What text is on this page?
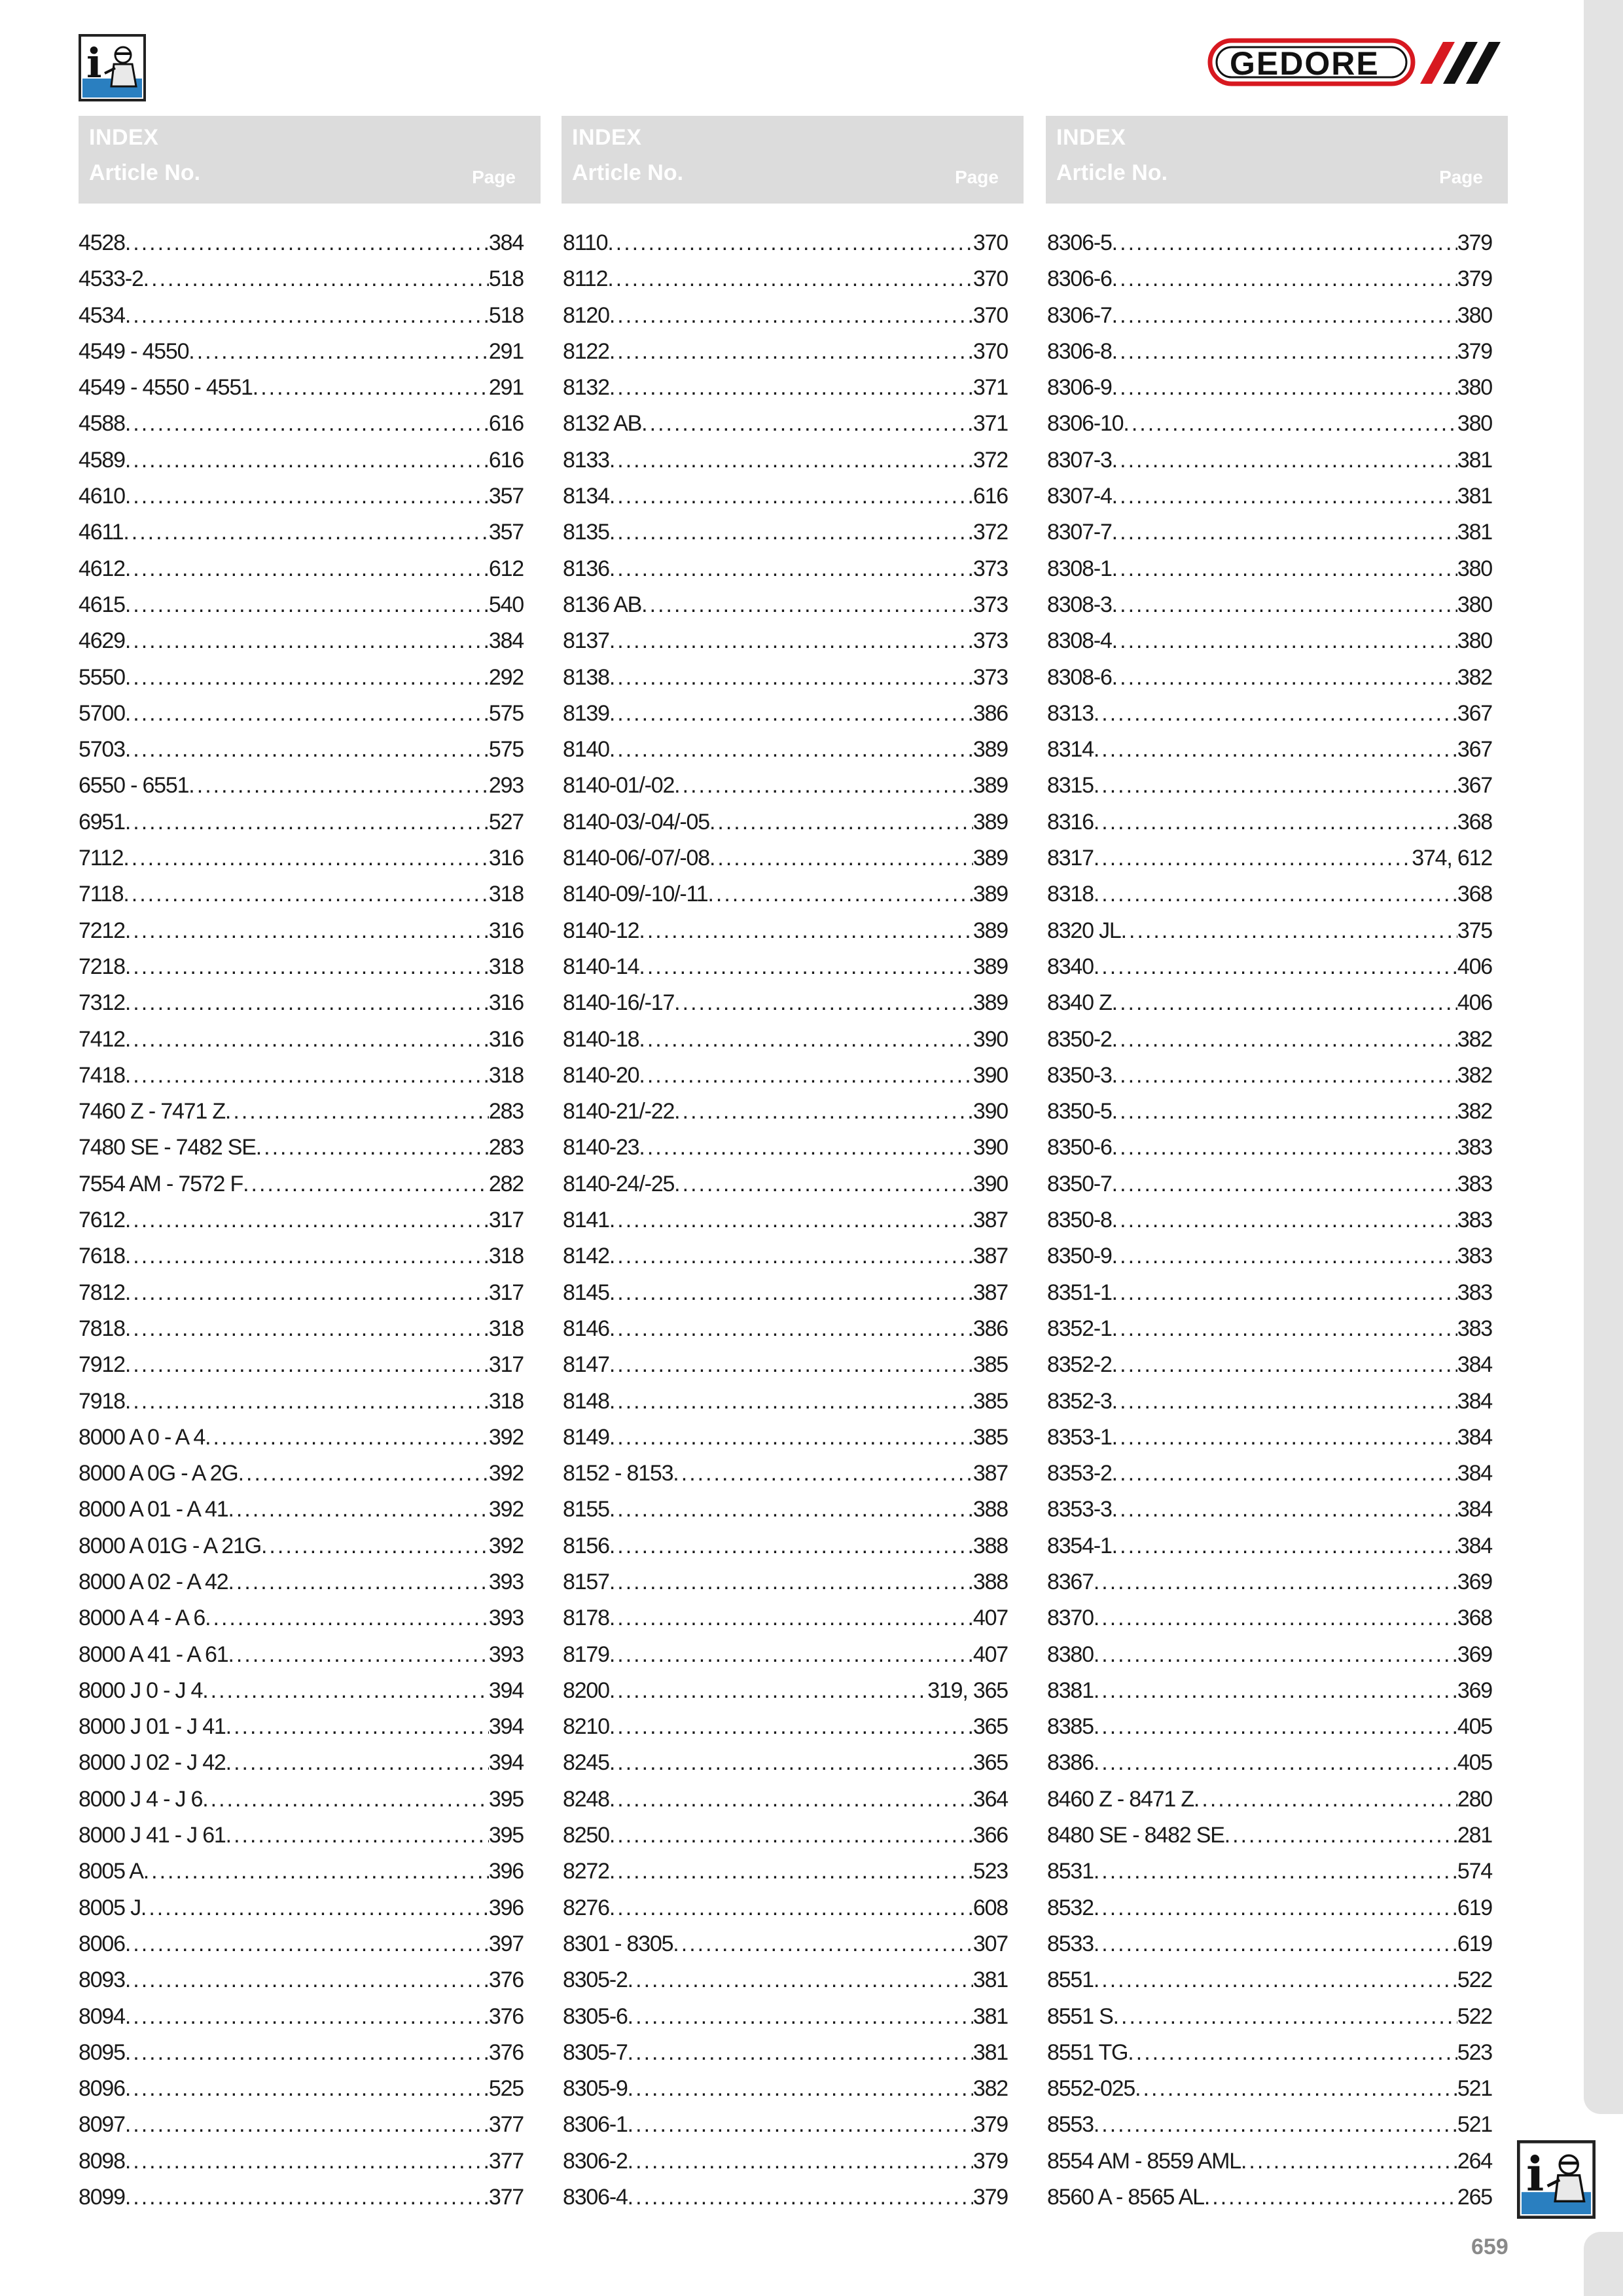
i	GEDORE
INDEX
Article No.	Page
INDEX
Article No.	Page
INDEX
Article No.	Page
4528 .....	384
4533-2 .....	518
4534 .....	518
4549 - 4550 .....	291
4549 - 4550 - 4551 .....	291
4588 .....	616
4589 .....	616
4610 .....	357
4611 .....	357
4612 .....	612
4615 .....	540
4629 .....	384
5550 .....	292
5700 .....	575
5703 .....	575
6550 - 6551 .....	293
6951 .....	527
7112 .....	316
7118 .....	318
7212 .....	316
7218 .....	318
7312 .....	316
7412 .....	316
7418 .....	318
7460 Z - 7471 Z .....	283
7480 SE - 7482 SE .....	283
7554 AM - 7572 F .....	282
7612 .....	317
7618 .....	318
7812 .....	317
7818 .....	318
7912 .....	317
7918 .....	318
8000 A 0 - A 4 .....	392
8000 A 0G - A 2G .....	392
8000 A 01 - A 41 .....	392
8000 A 01G - A 21G .....	392
8000 A 02 - A 42 .....	393
8000 A 4 - A 6 .....	393
8000 A 41 - A 61 .....	393
8000 J 0 - J 4 .....	394
8000 J 01 - J 41 .....	394
8000 J 02 - J 42 .....	394
8000 J 4 - J 6 .....	395
8000 J 41 - J 61 .....	395
8005 A .....	396
8005 J .....	396
8006 .....	397
8093 .....	376
8094 .....	376
8095 .....	376
8096 .....	525
8097 .....	377
8098 .....	377
8099 .....	377
8110 .....	370
8112 .....	370
8120 .....	370
8122 .....	370
8132 .....	371
8132 AB .....	371
8133 .....	372
8134 .....	616
8135 .....	372
8136 .....	373
8136 AB .....	373
8137 .....	373
8138 .....	373
8139 .....	386
8140 .....	389
8140-01/-02 .....	389
8140-03/-04/-05 .....	389
8140-06/-07/-08 .....	389
8140-09/-10/-11 .....	389
8140-12 .....	389
8140-14 .....	389
8140-16/-17 .....	389
8140-18 .....	390
8140-20 .....	390
8140-21/-22 .....	390
8140-23 .....	390
8140-24/-25 .....	390
8141 .....	387
8142 .....	387
8145 .....	387
8146 .....	386
8147 .....	385
8148 .....	385
8149 .....	385
8152 - 8153 .....	387
8155 .....	388
8156 .....	388
8157 .....	388
8178 .....	407
8179 .....	407
8200 .....	319, 365
8210 .....	365
8245 .....	365
8248 .....	364
8250 .....	366
8272 .....	523
8276 .....	608
8301 - 8305 .....	307
8305-2 .....	381
8305-6 .....	381
8305-7 .....	381
8305-9 .....	382
8306-1 .....	379
8306-2 .....	379
8306-4 .....	379
8306-5 .....	379
8306-6 .....	379
8306-7 .....	380
8306-8 .....	379
8306-9 .....	380
8306-10 .....	380
8307-3 .....	381
8307-4 .....	381
8307-7 .....	381
8308-1 .....	380
8308-3 .....	380
8308-4 .....	380
8308-6 .....	382
8313 .....	367
8314 .....	367
8315 .....	367
8316 .....	368
8317 .....	374, 612
8318 .....	368
8320 JL .....	375
8340 .....	406
8340 Z .....	406
8350-2 .....	382
8350-3 .....	382
8350-5 .....	382
8350-6 .....	383
8350-7 .....	383
8350-8 .....	383
8350-9 .....	383
8351-1 .....	383
8352-1 .....	383
8352-2 .....	384
8352-3 .....	384
8353-1 .....	384
8353-2 .....	384
8353-3 .....	384
8354-1 .....	384
8367 .....	369
8370 .....	368
8380 .....	369
8381 .....	369
8385 .....	405
8386 .....	405
8460 Z - 8471 Z .....	280
8480 SE - 8482 SE .....	281
8531 .....	574
8532 .....	619
8533 .....	619
8551 .....	522
8551 S .....	522
8551 TG .....	523
8552-025 .....	521
8553 .....	521
8554 AM - 8559 AML .....	264
8560 A - 8565 AL .....	265 i
659
